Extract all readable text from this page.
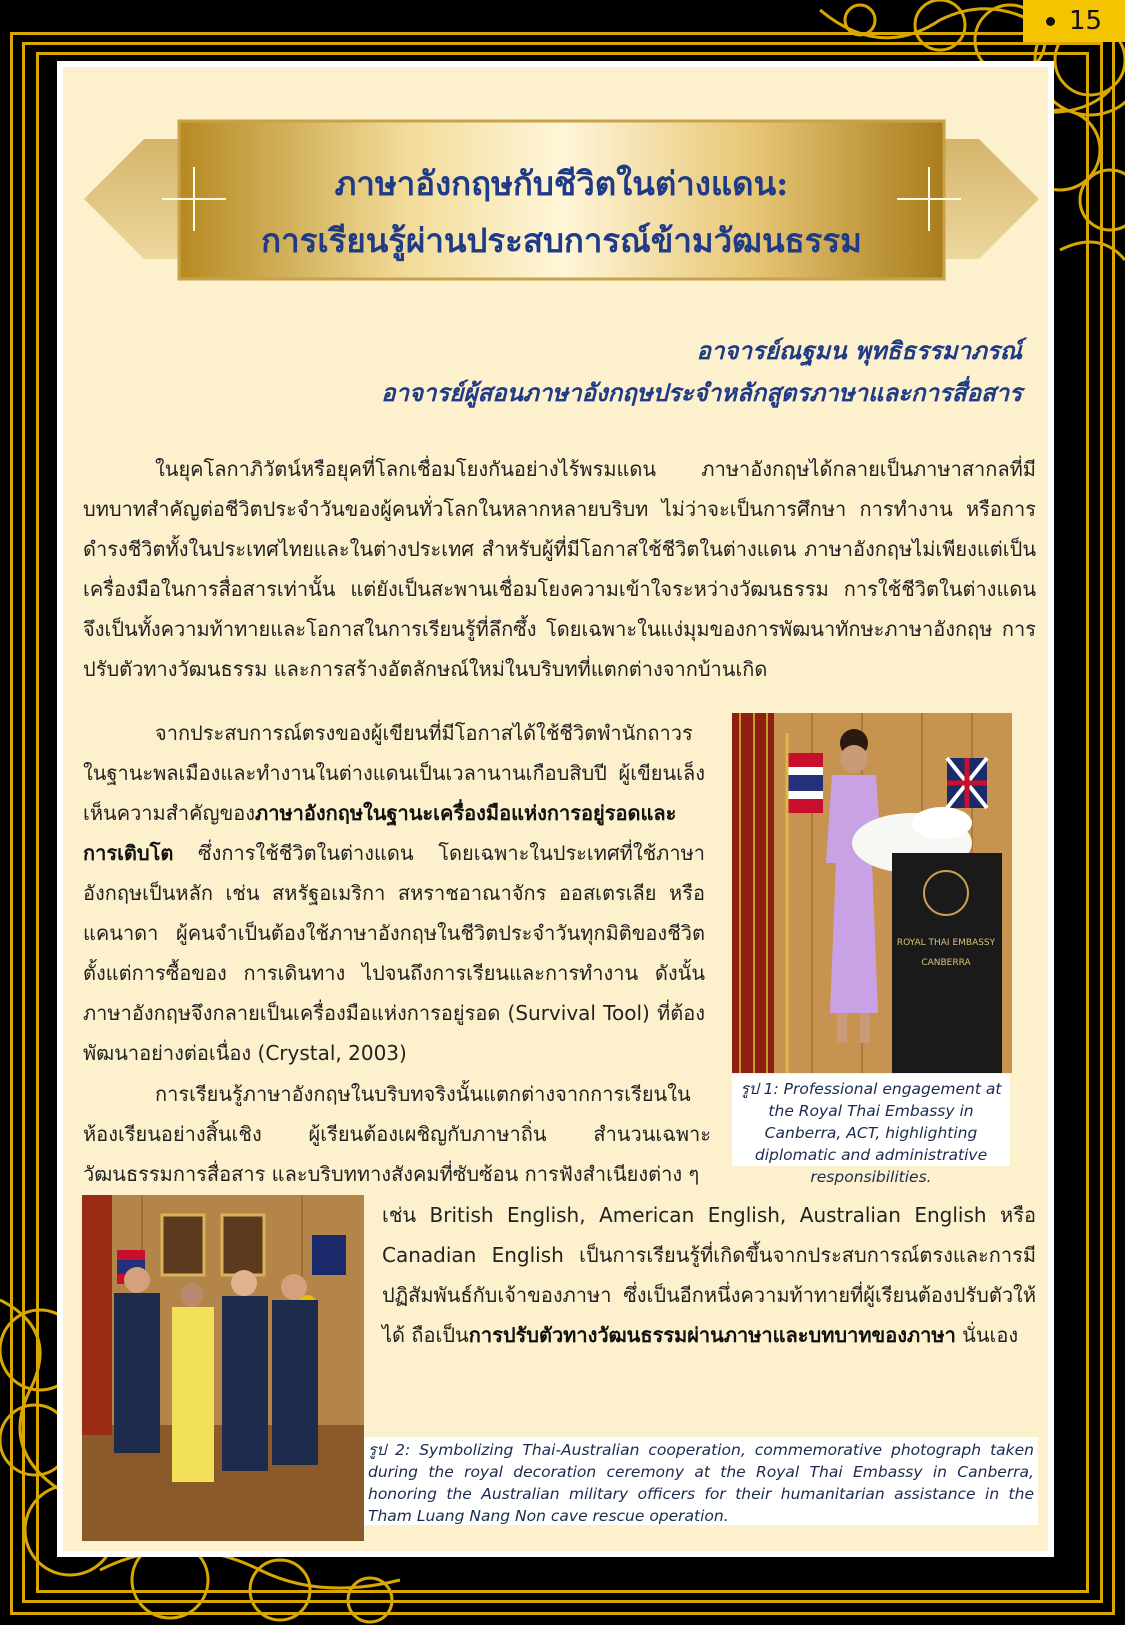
15
ภาษาอังกฤษกับชีวิตในต่างแดน:
การเรียนรู้ผ่านประสบการณ์ข้ามวัฒนธรรม
อาจารย์ณฐมน พุทธิธรรมาภรณ์
อาจารย์ผู้สอนภาษาอังกฤษประจำหลักสูตรภาษาและการสื่อสาร
ในยุคโลกาภิวัตน์หรือยุคที่โลกเชื่อมโยงกันอย่างไร้พรมแดน ภาษาอังกฤษได้กลายเป็นภาษาสากลที่มีบทบาทสำคัญต่อชีวิตประจำวันของผู้คนทั่วโลกในหลากหลายบริบท ไม่ว่าจะเป็นการศึกษา การทำงาน หรือการดำรงชีวิตทั้งในประเทศไทยและในต่างประเทศ สำหรับผู้ที่มีโอกาสใช้ชีวิตในต่างแดน ภาษาอังกฤษไม่เพียงแต่เป็นเครื่องมือในการสื่อสารเท่านั้น แต่ยังเป็นสะพานเชื่อมโยงความเข้าใจระหว่างวัฒนธรรม การใช้ชีวิตในต่างแดนจึงเป็นทั้งความท้าทายและโอกาสในการเรียนรู้ที่ลึกซึ้ง โดยเฉพาะในแง่มุมของการพัฒนาทักษะภาษาอังกฤษ การปรับตัวทางวัฒนธรรม และการสร้างอัตลักษณ์ใหม่ในบริบทที่แตกต่างจากบ้านเกิด
จากประสบการณ์ตรงของผู้เขียนที่มีโอกาสได้ใช้ชีวิตพำนักถาวรในฐานะพลเมืองและทำงานในต่างแดนเป็นเวลานานเกือบสิบปี ผู้เขียนเล็งเห็นความสำคัญของภาษาอังกฤษในฐานะเครื่องมือแห่งการอยู่รอดและการเติบโต ซึ่งการใช้ชีวิตในต่างแดน โดยเฉพาะในประเทศที่ใช้ภาษาอังกฤษเป็นหลัก เช่น สหรัฐอเมริกา สหราชอาณาจักร ออสเตรเลีย หรือแคนาดา ผู้คนจำเป็นต้องใช้ภาษาอังกฤษในชีวิตประจำวันทุกมิติของชีวิต ตั้งแต่การซื้อของ การเดินทาง ไปจนถึงการเรียนและการทำงาน ดังนั้น ภาษาอังกฤษจึงกลายเป็นเครื่องมือแห่งการอยู่รอด (Survival Tool) ที่ต้องพัฒนาอย่างต่อเนื่อง (Crystal, 2003)
ROYAL THAI EMBASSY
CANBERRA
รูป 1: Professional engagement at the Royal Thai Embassy in Canberra, ACT, highlighting diplomatic and administrative responsibilities.
การเรียนรู้ภาษาอังกฤษในบริบทจริงนั้นแตกต่างจากการเรียนในห้องเรียนอย่างสิ้นเชิง ผู้เรียนต้องเผชิญกับภาษาถิ่น สำนวนเฉพาะวัฒนธรรมการสื่อสาร และบริบททางสังคมที่ซับซ้อน การฟังสำเนียงต่าง ๆ
เช่น British English, American English, Australian English หรือ Canadian English เป็นการเรียนรู้ที่เกิดขึ้นจากประสบการณ์ตรงและการมีปฏิสัมพันธ์กับเจ้าของภาษา ซึ่งเป็นอีกหนึ่งความท้าทายที่ผู้เรียนต้องปรับตัวให้ได้ ถือเป็นการปรับตัวทางวัฒนธรรมผ่านภาษาและบทบาทของภาษา นั่นเอง
รูป 2: Symbolizing Thai-Australian cooperation, commemorative photograph taken during the royal decoration ceremony at the Royal Thai Embassy in Canberra, honoring the Australian military officers for their humanitarian assistance in the Tham Luang Nang Non cave rescue operation.
